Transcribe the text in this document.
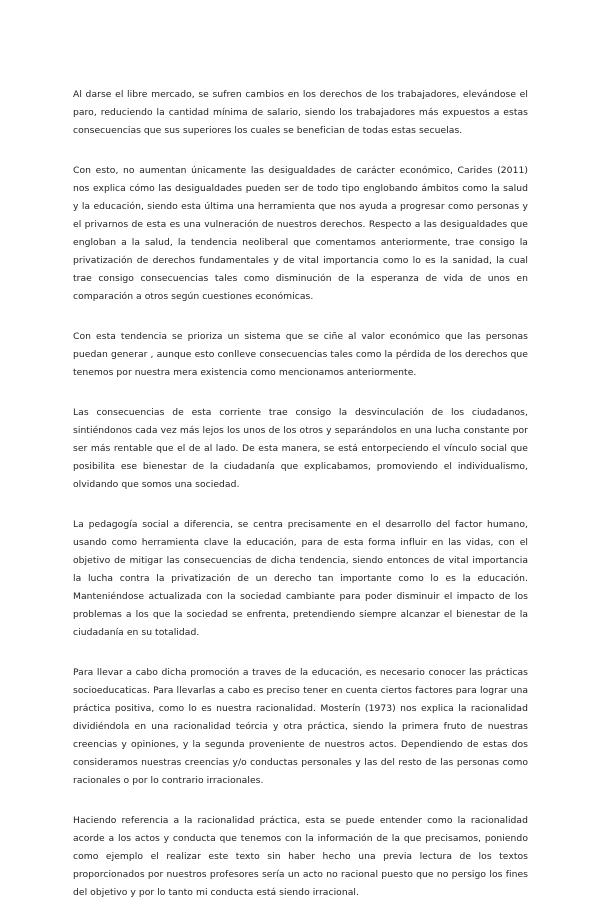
Al darse el libre mercado, se sufren cambios en los derechos de los trabajadores, elevándose el paro, reduciendo la cantidad mínima de salario, siendo los trabajadores más expuestos a estas consecuencias que sus superiores los cuales se benefician de todas estas secuelas.

Con esto, no aumentan únicamente las desigualdades de carácter económico, Carides (2011) nos explica cómo las desigualdades pueden ser de todo tipo englobando ámbitos como la salud y la educación, siendo esta última una herramienta que nos ayuda a progresar como personas y el privarnos de esta es una vulneración de nuestros derechos. Respecto a las desigualdades que engloban a la salud, la tendencia neoliberal que comentamos anteriormente, trae consigo la privatización de derechos fundamentales y de vital importancia como lo es la sanidad, la cual trae consigo consecuencias tales como disminución de la esperanza de vida de unos en comparación a otros según cuestiones económicas.

Con esta tendencia se prioriza un sistema que se ciñe al valor económico que las personas puedan generar , aunque esto conlleve consecuencias tales como la pérdida de los derechos que tenemos por nuestra mera existencia como mencionamos anteriormente.

Las consecuencias de esta corriente trae consigo la desvinculación de los ciudadanos, sintiéndonos cada vez más lejos los unos de los otros y separándolos en una lucha constante por ser más rentable que el de al lado. De esta manera, se está entorpeciendo el vínculo social que posibilita ese bienestar de la ciudadanía que explicabamos, promoviendo el individualismo, olvidando que somos una sociedad.

La pedagogía social a diferencia, se centra precisamente en el desarrollo del factor humano, usando como herramienta clave la educación, para de esta forma influir en las vidas, con el objetivo de mitigar las consecuencias de dicha tendencia, siendo entonces de vital importancia la lucha contra la privatización de un derecho tan importante como lo es la educación. Manteniéndose actualizada con la sociedad cambiante para poder disminuir el impacto de los problemas a los que la sociedad se enfrenta, pretendiendo siempre alcanzar el bienestar de la ciudadanía en su totalidad.

Para llevar a cabo dicha promoción a traves de la educación, es necesario conocer las prácticas socioeducaticas. Para llevarlas a cabo es preciso tener en cuenta ciertos factores para lograr una práctica positiva, como lo es nuestra racionalidad. Mosterín (1973) nos explica la racionalidad dividiéndola en una racionalidad teórcia y otra práctica, siendo la primera fruto de nuestras creencias y opiniones, y la segunda proveniente de nuestros actos. Dependiendo de estas dos consideramos nuestras creencias y/o conductas personales y las del resto de las personas como racionales o por lo contrario irracionales.

Haciendo referencia a la racionalidad práctica, esta se puede entender como la racionalidad acorde a los actos y conducta que tenemos con la información de la que precisamos, poniendo como ejemplo el realizar este texto sin haber hecho una previa lectura de los textos proporcionados por nuestros profesores sería un acto no racional puesto que no persigo los fines del objetivo y por lo tanto mi conducta está siendo irracional.
